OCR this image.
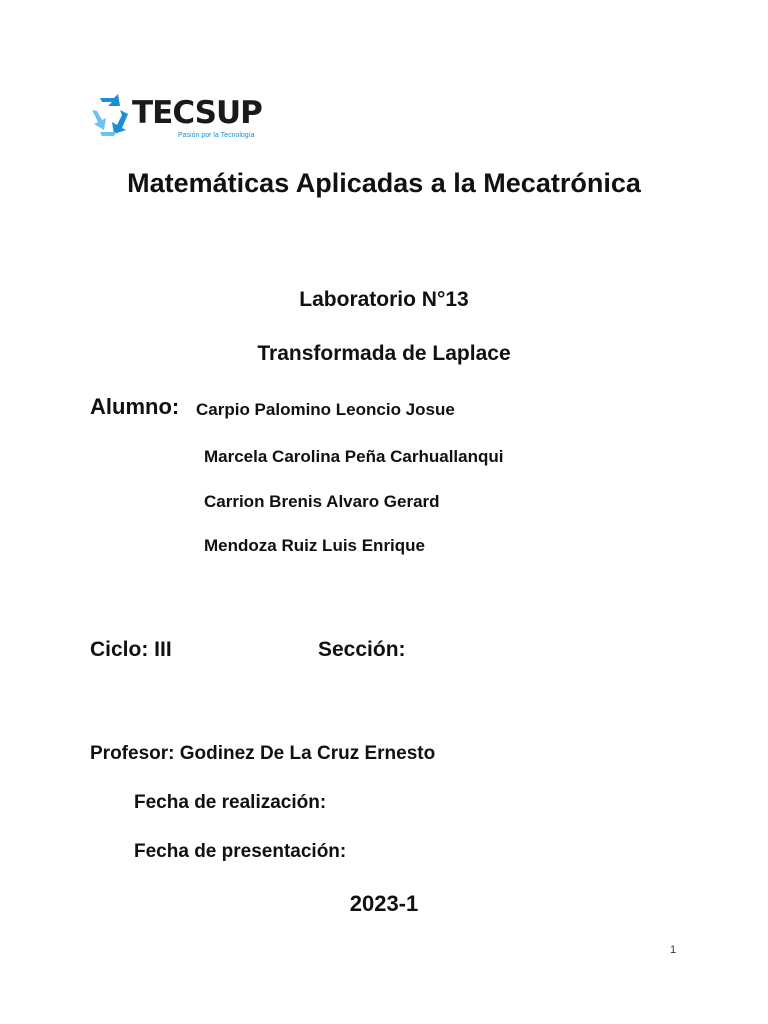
TECSUP
Pasión por la Tecnología
Matemáticas Aplicadas a la Mecatrónica
Laboratorio N°13
Transformada de Laplace
Alumno: Carpio Palomino Leoncio Josue
Marcela Carolina Peña Carhuallanqui
Carrion Brenis Alvaro Gerard
Mendoza Ruiz Luis Enrique
Ciclo: III	Sección:
Profesor: Godinez De La Cruz Ernesto
Fecha de realización:
Fecha de presentación:
2023-1
1
